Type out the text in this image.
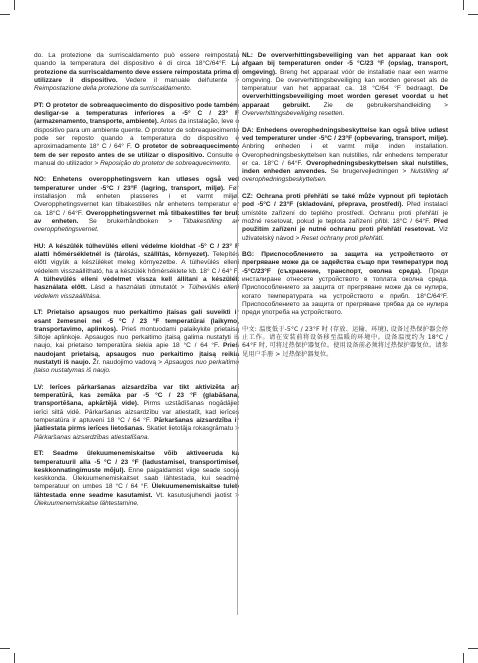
do. La protezione da surriscaldamento può essere reimpostata quando la temperatura del dispositivo è di circa 18°C/64°F. La protezione da surriscaldamento deve essere reimpostata prima di utilizzare il dispositivo. Vedere il manuale dell'utente > Reimpostazione della protezione da surriscaldamento.

PT: O protetor de sobreaquecimento do dispositivo pode também desligar-se a temperaturas inferiores a -5° C / 23° F (armazenamento, transporte, ambiente). Antes da instalação, leve o dispositivo para um ambiente quente. O protetor de sobreaquecimento pode ser reposto quando a temperatura do dispositivo é aproximadamente 18° C / 64° F. O protetor de sobreaquecimento tem de ser reposto antes de se utilizar o dispositivo. Consulte o manual do utilizador > Reposição do protetor de sobreaquecimento.

NO: Enhetens overopphetingsvern kan utløses også ved temperaturer under -5°C / 23°F (lagring, transport, miljø). Før installasjon må enheten plasseres i et varmt miljø. Overopphetingsvernet kan tilbakestilles når enhetens temperatur er ca. 18°C / 64°F. Overopphetingsvernet må tilbakestilles før bruk av enheten. Se brukerhåndboken > Tilbakestilling av overopphetingsvernet.

HU: A készülék túlhevülés elleni védelme kioldhat -5° C / 23° F alatti hőmérsékletnél is (tárolás, szállítás, környezet). Telepítés előtt vigyük a készüléket meleg környezetbe. A túlhevülés elleni védelem visszaállítható, ha a készülék hőmérséklete kb. 18° C / 64° F. A túlhevülés elleni védelmet vissza kell állítani a készülék használata előtt. Lásd a használati útmutatót > Túlhevülés elleni védelem visszaállítása.

LT: Prietaiso apsaugos nuo perkaitimo įtaisas gali suveikti ir esant žemesnei nei -5 °C / 23 °F temperatūrai (laikymo, transportavimo, aplinkos). Prieš montuodami palaikykite prietaisą šiltoje aplinkoje. Apsaugos nuo perkaitimo įtaisą galima nustatyti iš naujo, kai prietaiso temperatūra siekia apie 18 °C / 64 °F. Prieš naudojant prietaisą, apsaugos nuo perkaitimo įtaisą reikia nustatyti iš naujo. Žr. naudojimo vadovą > Apsaugos nuo perkaitimo įtaiso nustatymas iš naujo.

LV: Ierīces pārkaršanas aizsardzība var tikt aktivizēta arī temperatūrā, kas zemāka par -5 °C / 23 °F (glabāšana, transportēšana, apkārtējā vide). Pirms uzstādīšanas nogādājiet ierīci siltā vidē. Pārkaršanas aizsardzību var atiestatīt, kad ierīces temperatūra ir aptuveni 18 °C / 64 °F. Pārkaršanas aizsardzība ir jāatiestata pirms ierīces lietošanas. Skatiet lietotāja rokasgrāmatu > Pārkaršanas aizsardzības atiestatīšana.

ET: Seadme ülekuumenemiskaitse võib aktiveeruda ka temperatuuril alla -5 °C / 23 °F (ladustamisel, transportimisel, keskkonnatingimuste mõjul). Enne paigaldamist viige seade sooja keskkonda. Ülekuumenemiskaitset saab lähtestada, kui seadme temperatuur on umbes 18 °C / 64 °F. Ülekuumenemiskaitse tuleb lähtestada enne seadme kasutamist. Vt. kasutusjuhendi jaotist > Ülekuumenemiskaitse lähtestamine.

NL: De oververhittingsbeveiliging van het apparaat kan ook afgaan bij temperaturen onder -5 °C/23 °F (opslag, transport, omgeving). Breng het apparaat vóór de installatie naar een warme omgeving. De oververhittingsbeveiliging kan worden gereset als de temperatuur van het apparaat ca. 18 °C/64 °F bedraagt. De oververhittingsbeveiliging moet worden gereset voordat u het apparaat gebruikt. Zie de gebruikershandleiding > Oververhittingsbeveiliging resetten.

DA: Enhedens overophedningsbeskyttelse kan også blive udløst ved temperaturer under -5°C / 23°F (opbevaring, transport, miljø). Anbring enheden i et varmt miljø inden installation. Overophedningsbeskyttelsen kan nulstilles, når enhedens temperatur er ca. 18°C / 64°F. Overophedningsbeskyttelsen skal nulstilles, inden enheden anvendes. Se brugervejledningen > Nulstilling af overophedningsbeskyttelsen.

CZ: Ochrana proti přehřátí se také může vypnout při teplotách pod -5°C / 23°F (skladování, přeprava, prostředí). Před instalací umístěte zařízení do teplého prostředí. Ochranu proti přehřátí je možné resetovat, pokud je teplota zařízení přibl. 18°C / 64°F. Před použitím zařízení je nutné ochranu proti přehřátí resetovat. Viz uživatelský návod > Reset ochrany proti přehřátí.

BG: Приспособлението за защита на устройството от прегряване може да се задейства също при температури под -5°C/23°F (съхранение, транспорт, околна среда). Преди инсталиране отнесете устройството в топлата околна среда. Приспособлението за защита от прегряване може да се нулира, когато температурата на устройството е прибл. 18°C/64°F. Приспособлението за защита от прегряване трябва да се нулира преди употреба на устройството.

中文: 温度低于-5°C / 23°F 时 (存放、运输、环境), 设备过热保护器会停止工作。请在安装前将设备移至温暖的环境中。设备温度约为 18°C / 64°F 时, 可将过热保护器复位。使用设备前必须将过热保护器复位。请参见用户手册 > 过热保护器复位。
